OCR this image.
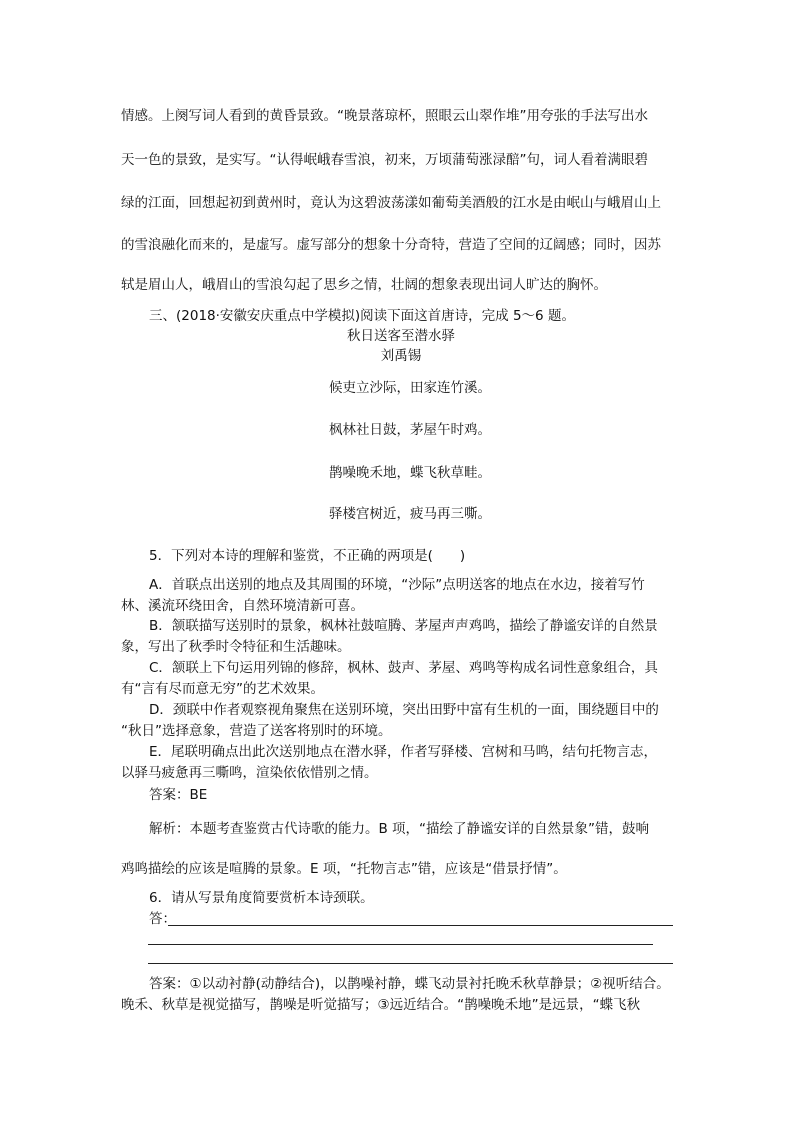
情感。上阕写词人看到的黄昏景致。“晚景落琼杯，照眼云山翠作堆”用夸张的手法写出水
天一色的景致，是实写。“认得岷峨春雪浪，初来，万顷蒲萄涨渌醅”句，词人看着满眼碧
绿的江面，回想起初到黄州时，竟认为这碧波荡漾如葡萄美酒般的江水是由岷山与峨眉山上
的雪浪融化而来的，是虚写。虚写部分的想象十分奇特，营造了空间的辽阔感；同时，因苏
轼是眉山人，峨眉山的雪浪勾起了思乡之情，壮阔的想象表现出词人旷达的胸怀。
三、(2018·安徽安庆重点中学模拟)阅读下面这首唐诗，完成 5～6 题。
秋日送客至潜水驿
刘禹锡
候吏立沙际，田家连竹溪。
枫林社日鼓，茅屋午时鸡。
鹊噪晚禾地，蝶飞秋草畦。
驿楼宫树近，疲马再三嘶。
5．下列对本诗的理解和鉴赏，不正确的两项是(　　)
A．首联点出送别的地点及其周围的环境，“沙际”点明送客的地点在水边，接着写竹
林、溪流环绕田舍，自然环境清新可喜。
B．颔联描写送别时的景象，枫林社鼓喧腾、茅屋声声鸡鸣，描绘了静谧安详的自然景
象，写出了秋季时令特征和生活趣味。
C．颔联上下句运用列锦的修辞，枫林、鼓声、茅屋、鸡鸣等构成名词性意象组合，具
有“言有尽而意无穷”的艺术效果。
D．颈联中作者观察视角聚焦在送别环境，突出田野中富有生机的一面，围绕题目中的
“秋日”选择意象，营造了送客将别时的环境。
E．尾联明确点出此次送别地点在潜水驿，作者写驿楼、宫树和马鸣，结句托物言志，
以驿马疲惫再三嘶鸣，渲染依依惜别之情。
答案：BE
解析：本题考查鉴赏古代诗歌的能力。B 项，“描绘了静谧安详的自然景象”错，鼓响
鸡鸣描绘的应该是喧腾的景象。E 项，“托物言志”错，应该是“借景抒情”。
6．请从写景角度简要赏析本诗颈联。
答：
答案：①以动衬静(动静结合)，以鹊噪衬静，蝶飞动景衬托晚禾秋草静景；②视听结合。
晚禾、秋草是视觉描写，鹊噪是听觉描写；③远近结合。“鹊噪晚禾地”是远景，“蝶飞秋
